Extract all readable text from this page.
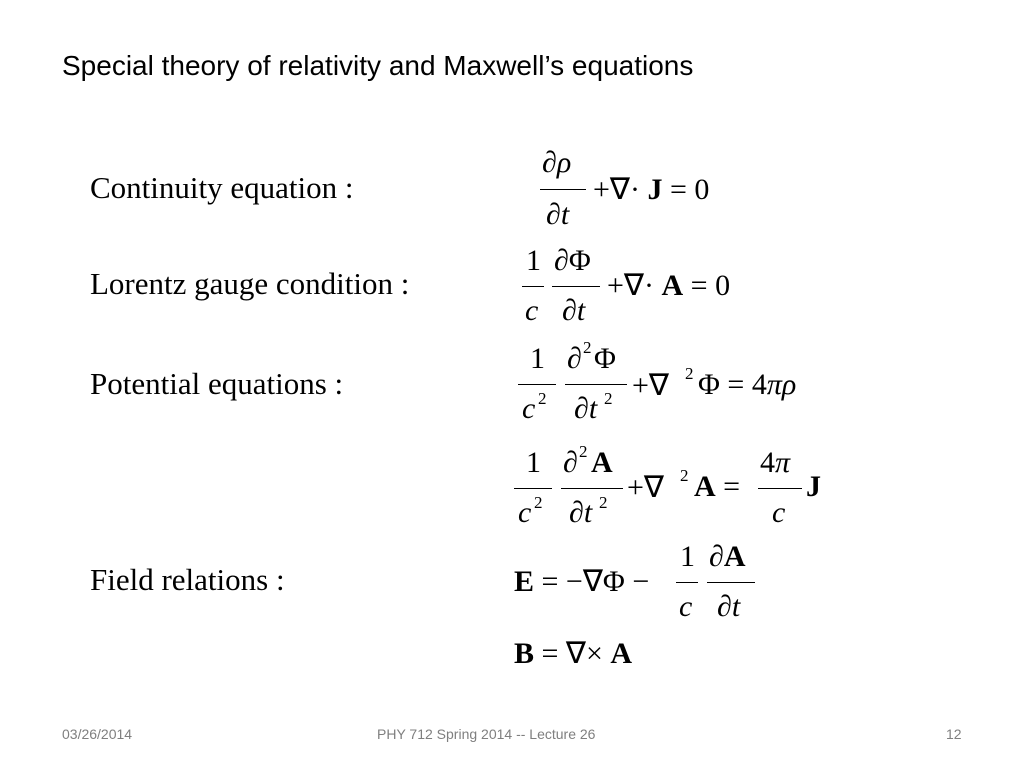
Special theory of relativity and Maxwell’s equations
Continuity equation :
Lorentz gauge condition :
Potential equations :
Field relations :
∂ρ
∂t
+∇· J = 0
1
c
∂Φ
∂t
+∇· A = 0
1
c 2
∂ 2 Φ
∂t 2 +∇ 2 Φ = 4πρ
1
c 2
∂ 2 A
∂t 2 +∇ 2 A =
4π
c
J
E = −∇Φ −
1
c
∂A
∂t
B = ∇× A
03/26/2014	PHY 712 Spring 2014 -- Lecture 26	12
